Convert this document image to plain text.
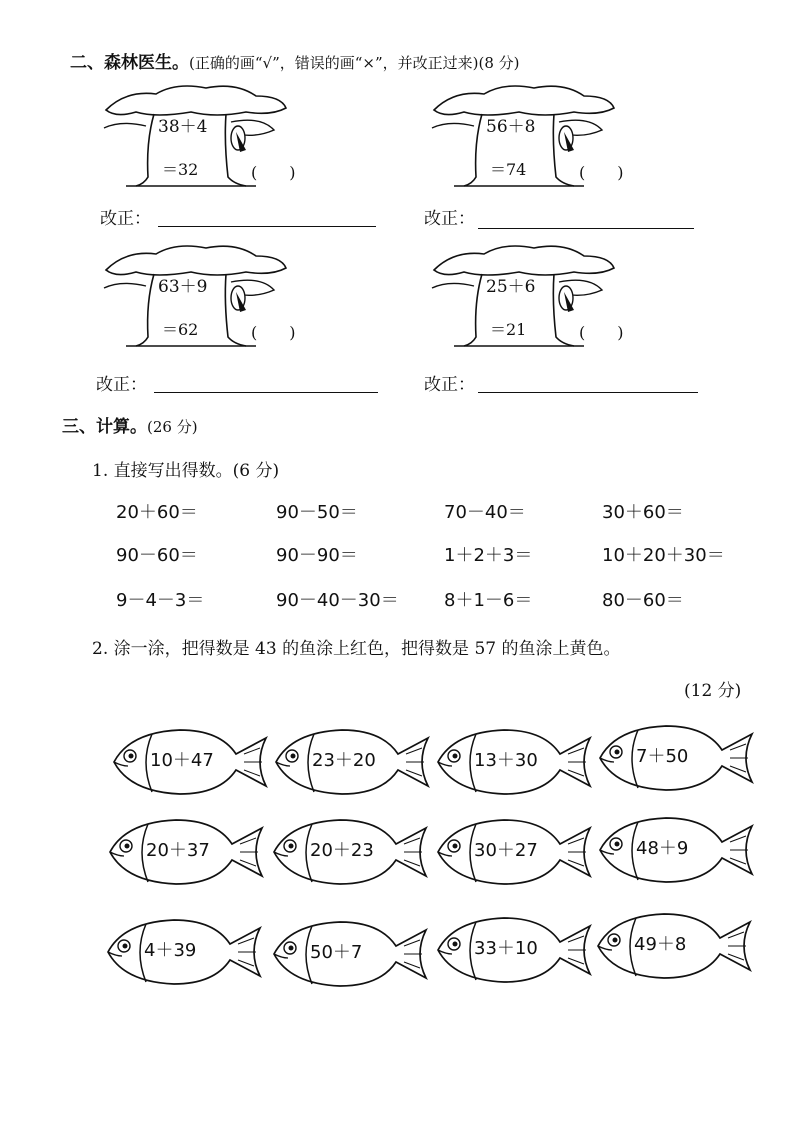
二、森林医生。(正确的画“√”，错误的画“×”，并改正过来)(8 分)
38＋4
＝32	(　　)
56＋8
＝74	(　　)
改正：	改正：
63＋9
＝62	(　　)
25＋6
＝21	(　　)
改正：	改正：
三、计算。(26 分)
1. 直接写出得数。(6 分)
20＋60＝	90－50＝	70－40＝	30＋60＝
90－60＝	90－90＝	1＋2＋3＝	10＋20＋30＝
9－4－3＝	90－40－30＝	8＋1－6＝	80－60＝
2. 涂一涂，把得数是 43 的鱼涂上红色，把得数是 57 的鱼涂上黄色。
(12 分)
10＋47	23＋20	13＋30	7＋50
20＋37	20＋23	30＋27	48＋9
4＋39	50＋7	33＋10	49＋8
